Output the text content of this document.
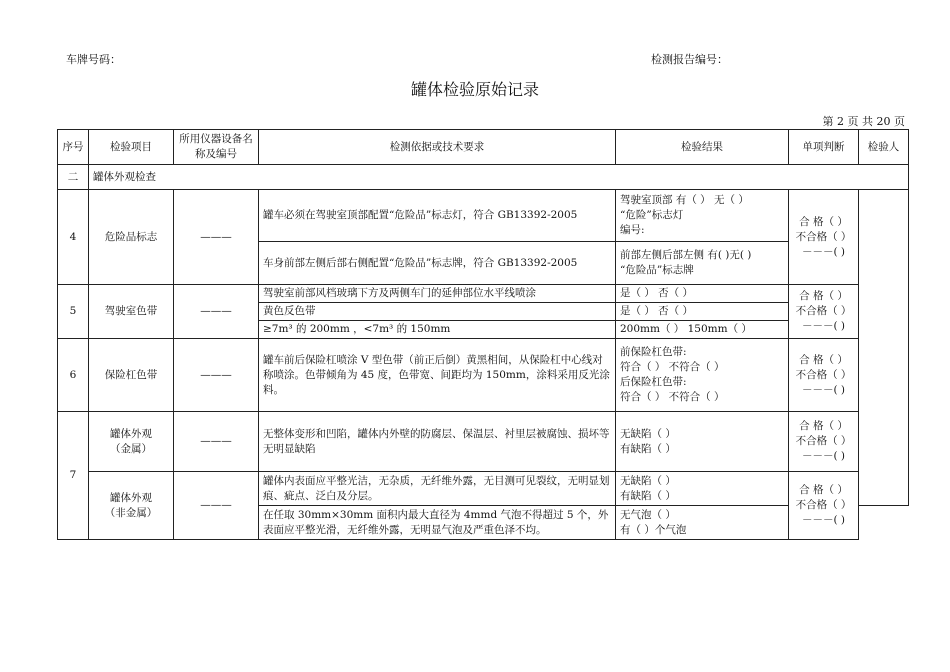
车牌号码：	检测报告编号：
罐体检验原始记录
第 2 页 共 20 页
序号	检验项目	所用仪器设备名称及编号	检测依据或技术要求	检验结果	单项判断	检验人
二	罐体外观检查					
4	危险品标志	———	罐车必须在驾驶室顶部配置“危险品”标志灯，符合 GB13392-2005	驾驶室顶部 有（ ） 无（ ）
“危险”标志灯
编号:	合 格（ ）
不合格（ ）
－－－( )	
			车身前部左侧后部右侧配置“危险品”标志牌，符合 GB13392-2005	前部左侧后部左侧 有( )无( )
“危险品”标志牌		
5	驾驶室色带	———	驾驶室前部风档玻璃下方及两侧车门的延伸部位水平线喷涂	是（ ） 否（ ）	合 格（ ）
不合格（ ）
－－－( )	
			黄色反色带	是（ ） 否（ ）		
			≥7m³ 的 200mm ，<7m³ 的 150mm	200mm（ ） 150mm（ ）		
6	保险杠色带	———	罐车前后保险杠喷涂 V 型色带（前正后倒）黄黑相间，从保险杠中心线对称喷涂。色带倾角为 45 度，色带宽、间距均为 150mm，涂料采用反光涂料。	前保险杠色带:
符合（ ） 不符合（ ）
后保险杠色带:
符合（ ） 不符合（ ）	合 格（ ）
不合格（ ）
－－－( )	
7	罐体外观
（金属）	———	无整体变形和凹陷，罐体内外壁的防腐层、保温层、衬里层被腐蚀、损坏等无明显缺陷	无缺陷（ ）
有缺陷（ ）	合 格（ ）
不合格（ ）
－－－( )	
	罐体外观
（非金属）	———	罐体内表面应平整光洁，无杂质，无纤维外露，无目测可见裂纹，无明显划痕、疵点、泛白及分层。	无缺陷（ ）
有缺陷（ ）	合 格（ ）
不合格（ ）
－－－( )	
			在任取 30mm×30mm 面积内最大直径为 4mmd 气泡不得超过 5 个，外表面应平整光滑，无纤维外露，无明显气泡及严重色泽不均。	无气泡（ ）
有（ ）个气泡		
